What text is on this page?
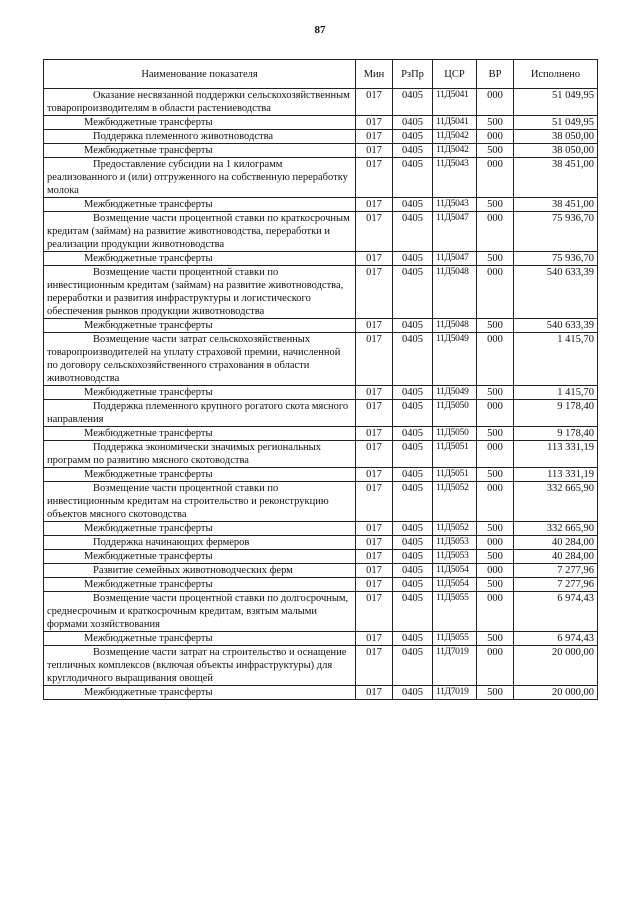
87
Наименование показателя	Мин	РзПр	ЦСР	ВР	Исполнено
Оказание несвязанной поддержки сельскохозяйственным товаропроизводителям в области растениеводства	017	0405	11Д5041	000	51 049,95
Межбюджетные трансферты	017	0405	11Д5041	500	51 049,95
Поддержка племенного животноводства	017	0405	11Д5042	000	38 050,00
Межбюджетные трансферты	017	0405	11Д5042	500	38 050,00
Предоставление субсидии на 1 килограмм реализованного и (или) отгруженного на собственную переработку молока	017	0405	11Д5043	000	38 451,00
Межбюджетные трансферты	017	0405	11Д5043	500	38 451,00
Возмещение части процентной ставки по краткосрочным кредитам (займам) на развитие животноводства, переработки и реализации продукции животноводства	017	0405	11Д5047	000	75 936,70
Межбюджетные трансферты	017	0405	11Д5047	500	75 936,70
Возмещение части процентной ставки по инвестиционным кредитам (займам) на развитие животноводства, переработки и развития инфраструктуры и логистического обеспечения рынков продукции животноводства	017	0405	11Д5048	000	540 633,39
Межбюджетные трансферты	017	0405	11Д5048	500	540 633,39
Возмещение части затрат сельскохозяйственных товаропроизводителей на уплату страховой премии, начисленной по договору сельскохозяйственного страхования в области животноводства	017	0405	11Д5049	000	1 415,70
Межбюджетные трансферты	017	0405	11Д5049	500	1 415,70
Поддержка племенного крупного рогатого скота мясного направления	017	0405	11Д5050	000	9 178,40
Межбюджетные трансферты	017	0405	11Д5050	500	9 178,40
Поддержка экономически значимых региональных программ по развитию мясного скотоводства	017	0405	11Д5051	000	113 331,19
Межбюджетные трансферты	017	0405	11Д5051	500	113 331,19
Возмещение части процентной ставки по инвестиционным кредитам на строительство и реконструкцию объектов мясного скотоводства	017	0405	11Д5052	000	332 665,90
Межбюджетные трансферты	017	0405	11Д5052	500	332 665,90
Поддержка начинающих фермеров	017	0405	11Д5053	000	40 284,00
Межбюджетные трансферты	017	0405	11Д5053	500	40 284,00
Развитие семейных животноводческих ферм	017	0405	11Д5054	000	7 277,96
Межбюджетные трансферты	017	0405	11Д5054	500	7 277,96
Возмещение части процентной ставки по долгосрочным, среднесрочным и краткосрочным кредитам, взятым малыми формами хозяйствования	017	0405	11Д5055	000	6 974,43
Межбюджетные трансферты	017	0405	11Д5055	500	6 974,43
Возмещение части затрат на строительство и оснащение тепличных комплексов (включая объекты инфраструктуры) для круглодичного выращивания овощей	017	0405	11Д7019	000	20 000,00
Межбюджетные трансферты	017	0405	11Д7019	500	20 000,00
